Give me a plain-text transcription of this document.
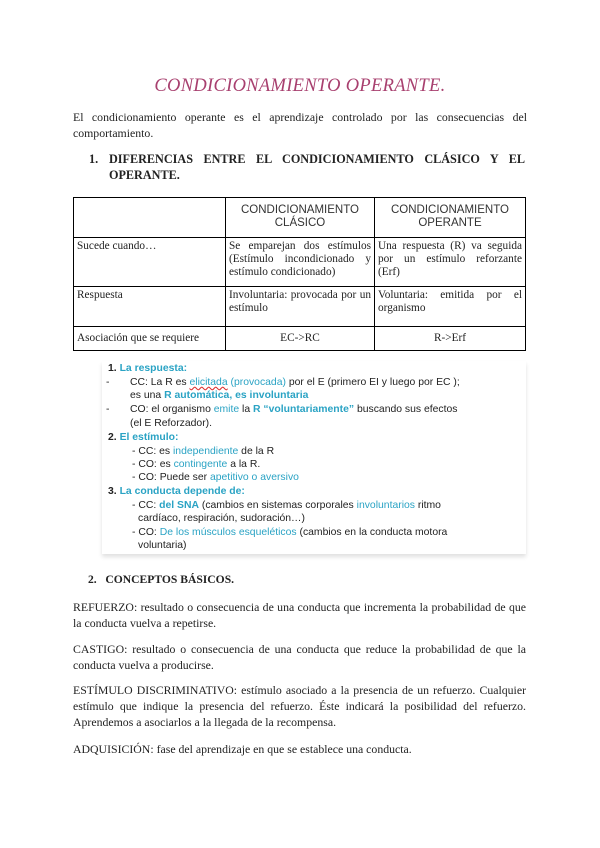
CONDICIONAMIENTO OPERANTE.

El condicionamiento operante es el aprendizaje controlado por las consecuencias del comportamiento.

1. DIFERENCIAS ENTRE EL CONDICIONAMIENTO CLÁSICO Y EL OPERANTE.
	CONDICIONAMIENTO CLÁSICO	CONDICIONAMIENTO OPERANTE
Sucede cuando…	Se emparejan dos estímulos (Estímulo incondicionado y estímulo condicionado)	Una respuesta (R) va seguida por un estímulo reforzante (Erf)
Respuesta	Involuntaria: provocada por un estímulo	Voluntaria: emitida por el organismo
Asociación que se requiere	EC->RC	R->Erf
1. La respuesta:
- CC: La R es elicitada (provocada) por el E (primero EI y luego por EC );
es una R automática, es involuntaria
- CO: el organismo emite la R “voluntariamente” buscando sus efectos
(el E Reforzador).
2. El estímulo:
- CC: es independiente de la R
- CO: es contingente a la R.
- CO: Puede ser apetitivo o aversivo
3. La conducta depende de:
- CC: del SNA (cambios en sistemas corporales involuntarios ritmo
cardíaco, respiración, sudoración…)
- CO: De los músculos esqueléticos (cambios en la conducta motora
voluntaria)
2. CONCEPTOS BÁSICOS.

REFUERZO: resultado o consecuencia de una conducta que incrementa la probabilidad de que la conducta vuelva a repetirse.

CASTIGO: resultado o consecuencia de una conducta que reduce la probabilidad de que la conducta vuelva a producirse.

ESTÍMULO DISCRIMINATIVO: estímulo asociado a la presencia de un refuerzo. Cualquier estímulo que indique la presencia del refuerzo. Éste indicará la posibilidad del refuerzo. Aprendemos a asociarlos a la llegada de la recompensa.

ADQUISICIÓN: fase del aprendizaje en que se establece una conducta.
